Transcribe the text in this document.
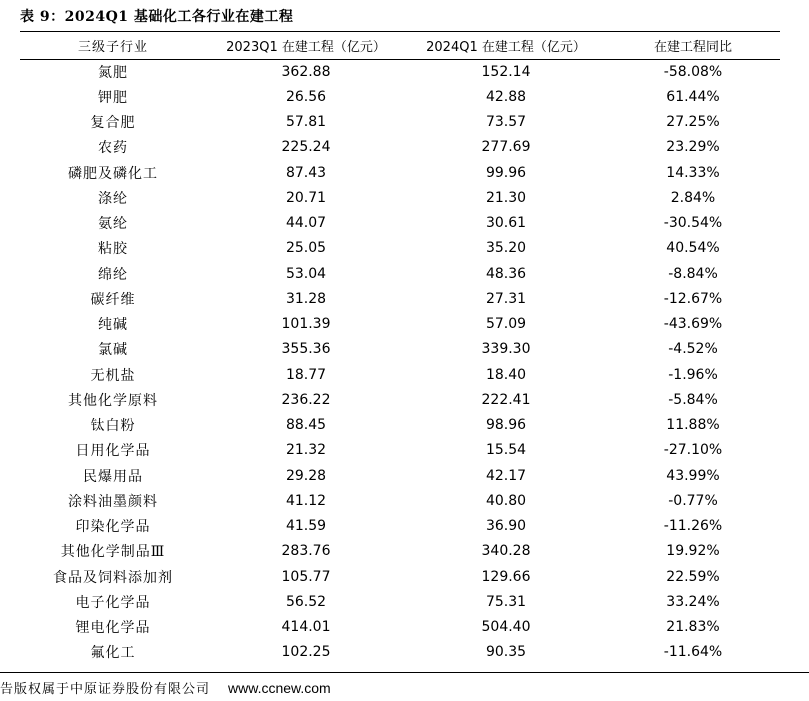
表 9：2024Q1 基础化工各行业在建工程
三级子行业	2023Q1 在建工程（亿元）	2024Q1 在建工程（亿元）	在建工程同比
氮肥	362.88	152.14	-58.08%
钾肥	26.56	42.88	61.44%
复合肥	57.81	73.57	27.25%
农药	225.24	277.69	23.29%
磷肥及磷化工	87.43	99.96	14.33%
涤纶	20.71	21.30	2.84%
氨纶	44.07	30.61	-30.54%
粘胶	25.05	35.20	40.54%
绵纶	53.04	48.36	-8.84%
碳纤维	31.28	27.31	-12.67%
纯碱	101.39	57.09	-43.69%
氯碱	355.36	339.30	-4.52%
无机盐	18.77	18.40	-1.96%
其他化学原料	236.22	222.41	-5.84%
钛白粉	88.45	98.96	11.88%
日用化学品	21.32	15.54	-27.10%
民爆用品	29.28	42.17	43.99%
涂料油墨颜料	41.12	40.80	-0.77%
印染化学品	41.59	36.90	-11.26%
其他化学制品Ⅲ	283.76	340.28	19.92%
食品及饲料添加剂	105.77	129.66	22.59%
电子化学品	56.52	75.31	33.24%
锂电化学品	414.01	504.40	21.83%
氟化工	102.25	90.35	-11.64%
告版权属于中原证券股份有限公司 www.ccnew.com
